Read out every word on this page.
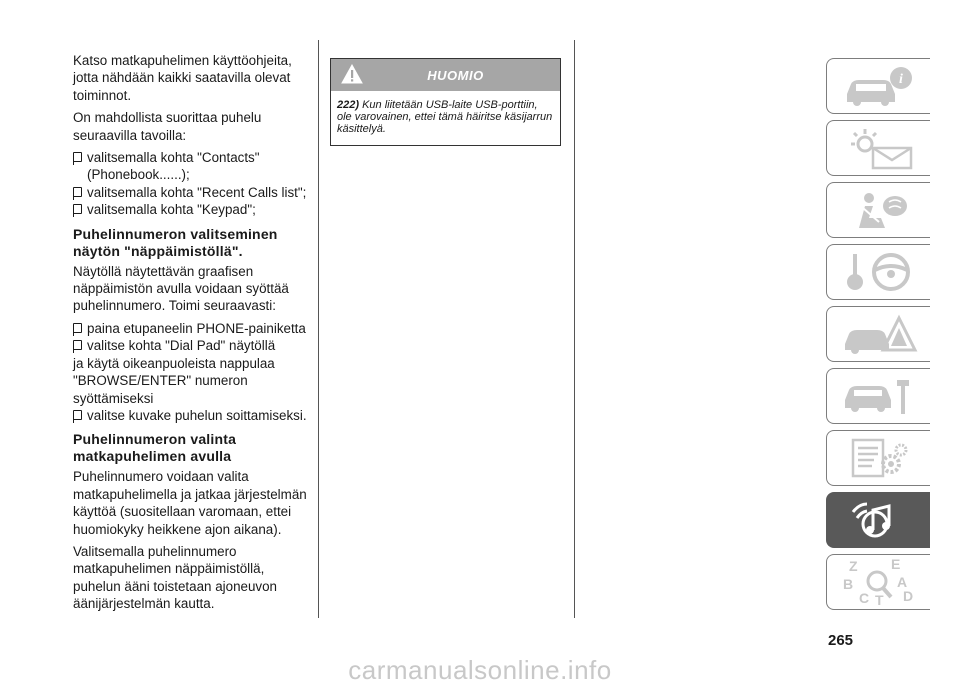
Katso matkapuhelimen käyttöohjeita, jotta nähdään kaikki saatavilla olevat toiminnot.

On mahdollista suorittaa puhelu seuraavilla tavoilla:

valitsemalla kohta "Contacts" (Phonebook......);
valitsemalla kohta "Recent Calls list";
valitsemalla kohta "Keypad";
Puhelinnumeron valitseminen näytön "näppäimistöllä".

Näytöllä näytettävän graafisen näppäimistön avulla voidaan syöttää puhelinnumero. Toimi seuraavasti:

paina etupaneelin PHONE-painiketta
valitse kohta "Dial Pad" näytöllä
ja käytä oikeanpuoleista nappulaa "BROWSE/ENTER" numeron syöttämiseksi
valitse kuvake puhelun soittamiseksi.
Puhelinnumeron valinta matkapuhelimen avulla

Puhelinnumero voidaan valita matkapuhelimella ja jatkaa järjestelmän käyttöä (suositellaan varomaan, ettei huomiokyky heikkene ajon aikana).

Valitsemalla puhelinnumero matkapuhelimen näppäimistöllä, puhelun ääni toistetaan ajoneuvon äänijärjestelmän kautta.

HUOMIO
222) Kun liitetään USB-laite USB-porttiin, ole varovainen, ettei tämä häiritse käsijarrun käsittelyä.
i
Z E
A
B
C D
T
265
carmanualsonline.info
